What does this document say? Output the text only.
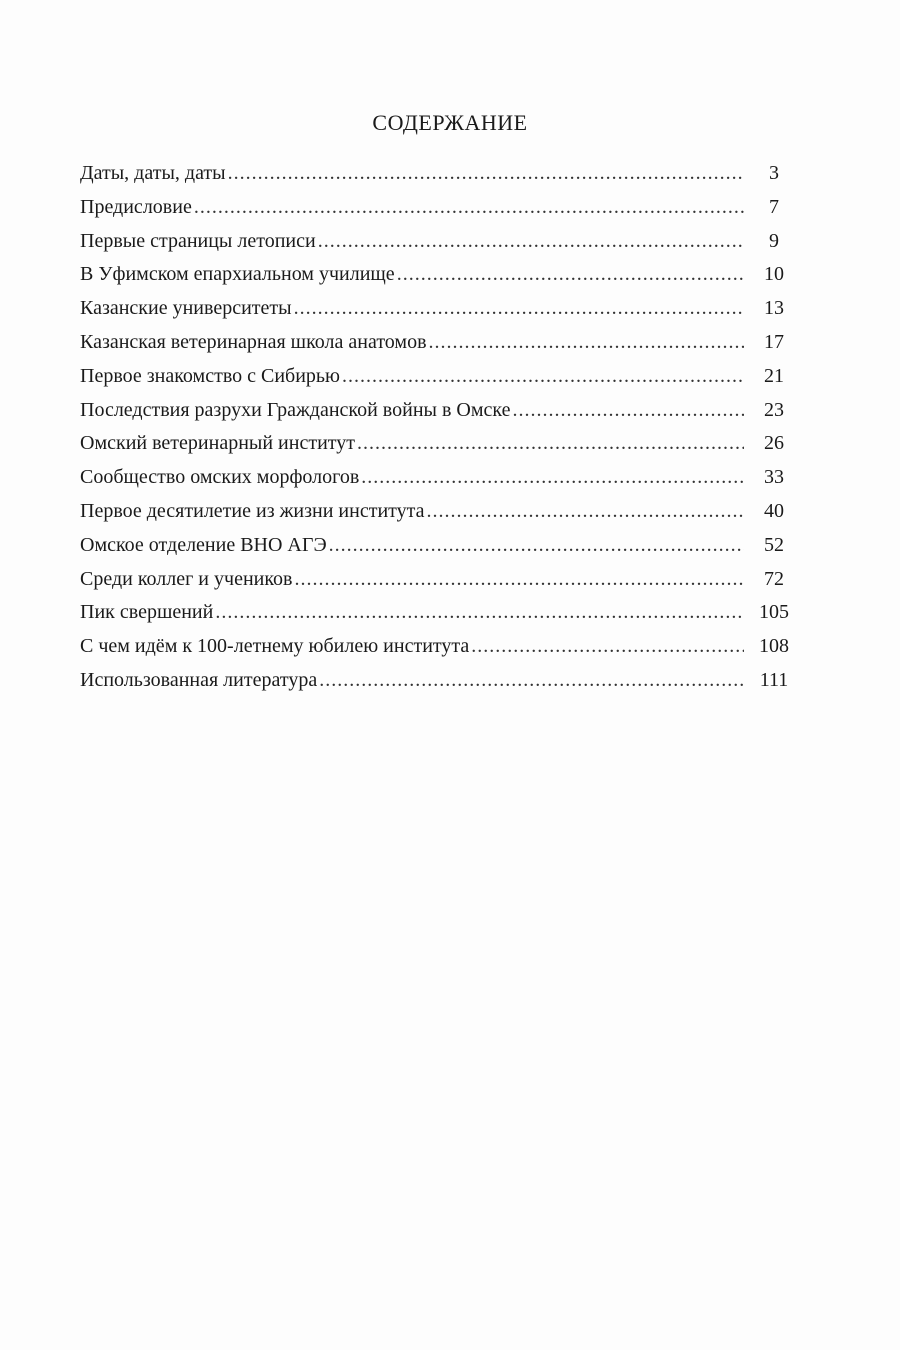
СОДЕРЖАНИЕ
Даты, даты, даты .....	3
Предисловие .....	7
Первые страницы летописи .....	9
В Уфимском епархиальном училище .....	10
Казанские университеты .....	13
Казанская ветеринарная школа анатомов .....	17
Первое знакомство с Сибирью .....	21
Последствия разрухи Гражданской войны в Омске .....	23
Омский ветеринарный институт .....	26
Сообщество омских морфологов .....	33
Первое десятилетие из жизни института .....	40
Омское отделение ВНО АГЭ .....	52
Среди коллег и учеников .....	72
Пик свершений .....	105
С чем идём к 100-летнему юбилею института .....	108
Использованная литература .....	111
